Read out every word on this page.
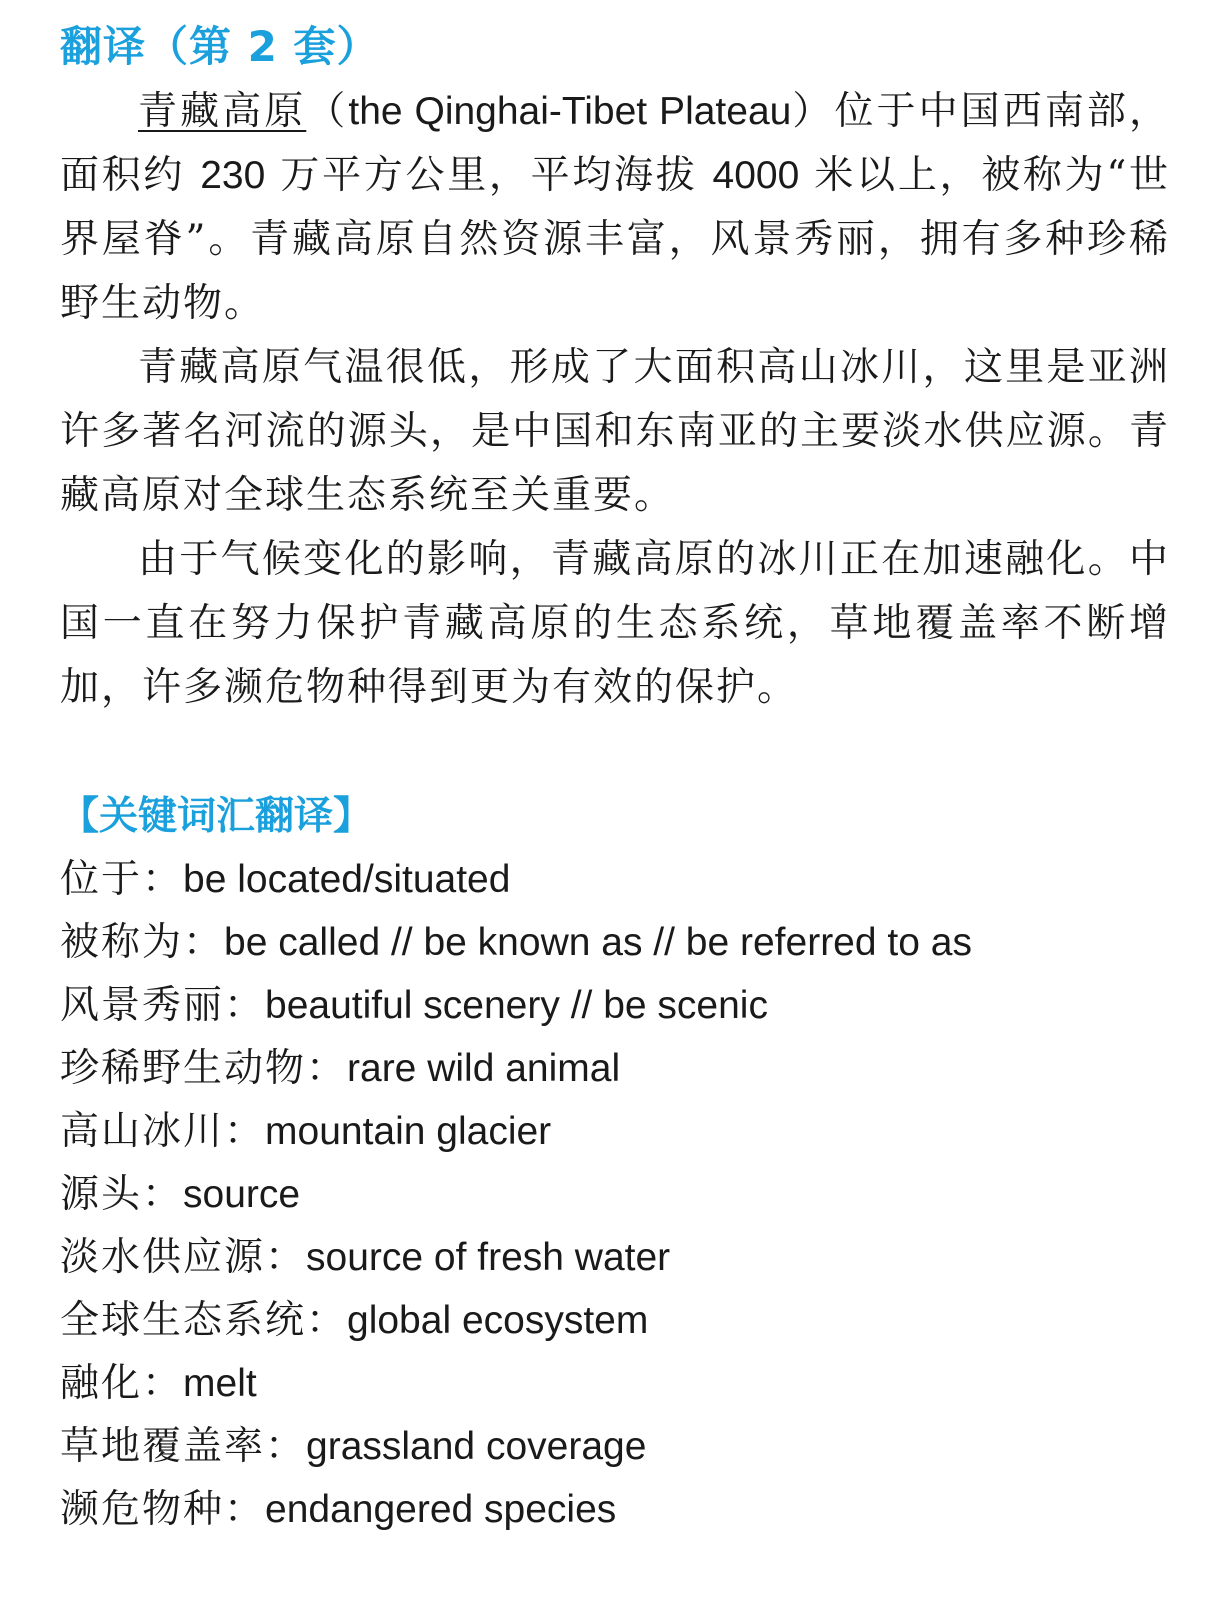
翻译（第 2 套）

青藏高原（the Qinghai-Tibet Plateau）位于中国西南部，面积约 230 万平方公里，平均海拔 4000 米以上，被称为“世界屋脊”。青藏高原自然资源丰富，风景秀丽，拥有多种珍稀野生动物。

青藏高原气温很低，形成了大面积高山冰川，这里是亚洲许多著名河流的源头，是中国和东南亚的主要淡水供应源。青藏高原对全球生态系统至关重要。

由于气候变化的影响，青藏高原的冰川正在加速融化。中国一直在努力保护青藏高原的生态系统，草地覆盖率不断增加，许多濒危物种得到更为有效的保护。

【关键词汇翻译】
位于：be located/situated
被称为：be called // be known as // be referred to as
风景秀丽：beautiful scenery // be scenic
珍稀野生动物：rare wild animal
高山冰川：mountain glacier
源头：source
淡水供应源：source of fresh water
全球生态系统：global ecosystem
融化：melt
草地覆盖率：grassland coverage
濒危物种：endangered species
